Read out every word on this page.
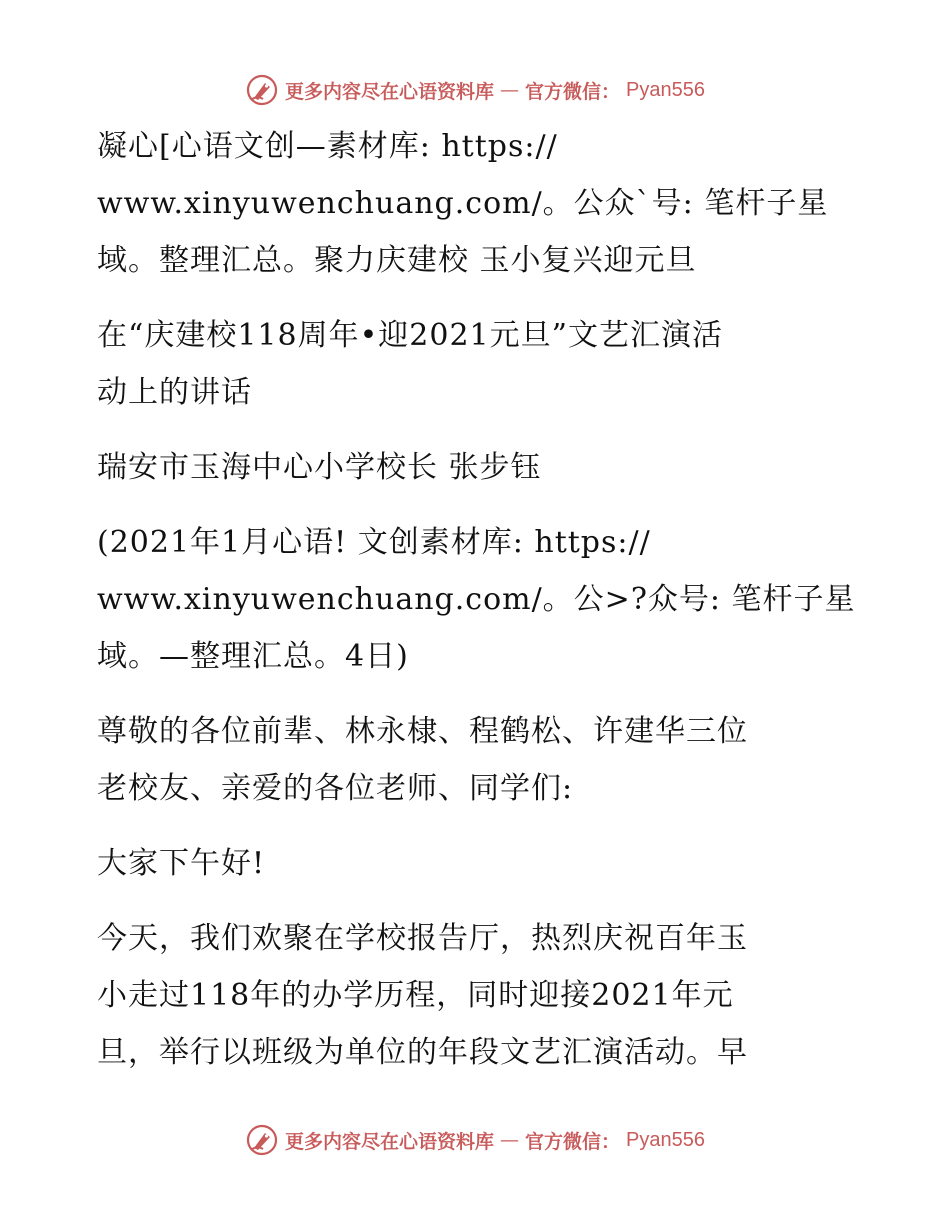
更多内容尽在心语资料库 — 官方微信： Pyan556
凝心[心语文创—素材库: https://
www.xinyuwenchuang.com/。公众`号: 笔杆子星
域。整理汇总。聚力庆建校 玉小复兴迎元旦
在“庆建校118周年•迎2021元旦”文艺汇演活
动上的讲话
瑞安市玉海中心小学校长 张步钰
(2021年1月心语! 文创素材库: https://
www.xinyuwenchuang.com/。公>?众号: 笔杆子星
域。—整理汇总。4日)
尊敬的各位前辈、林永棣、程鹤松、许建华三位
老校友、亲爱的各位老师、同学们:
大家下午好!
今天，我们欢聚在学校报告厅，热烈庆祝百年玉
小走过118年的办学历程，同时迎接2021年元
旦，举行以班级为单位的年段文艺汇演活动。早
更多内容尽在心语资料库 — 官方微信： Pyan556
